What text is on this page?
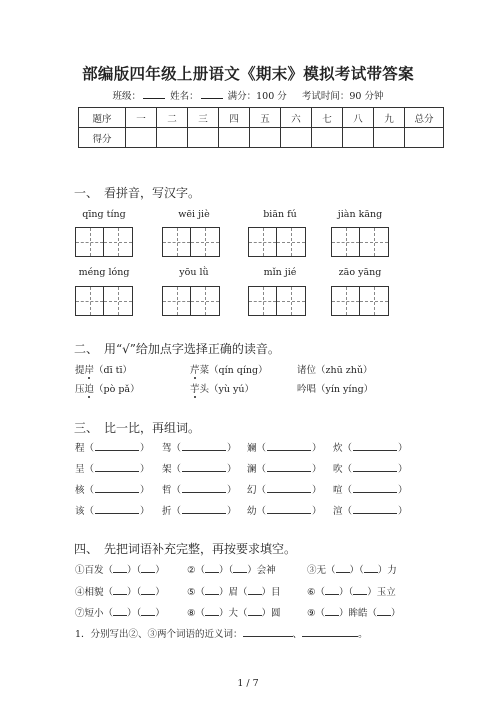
部编版四年级上册语文《期末》模拟考试带答案
班级：	姓名：	满分：100 分 考试时间：90 分钟
题序	一	二	三	四	五	六	七	八	九	总分
得分										
一、　看拼音，写汉字。
qīng tíng	wēi jiè	biān fú	jiàn kāng
méng lóng	yōu lǜ	mǐn jié	zāo yāng
二、　用“√”给加点字选择正确的读音。
提岸（dī tī）	芹菜（qín qíng）	诸位（zhū zhǔ）
压迫（pò pǎ）	芋头（yù yú）	吟唱（yín yíng）
三、　比一比，再组词。
程（	） 驾（	） 斓（	） 炊（	）
呈（	） 架（	） 澜（	） 吹（	）
核（	） 哲（	） 幻（	） 喧（	）
该（	） 折（	） 幼（	） 渲（	）
四、　先把词语补充完整，再按要求填空。
①百发（ ）（ ） ②（ ）（ ）会神	③无（ ）（ ）力
④相貌（ ）（ ） ⑤（ ）眉（ ）目	⑥（ ）（ ）玉立
⑦短小（ ）（ ） ⑧（ ）大（ ）圆	⑨（ ）眸皓（ ）
1．分别写出②、③两个词语的近义词：	、	。
1 / 7
